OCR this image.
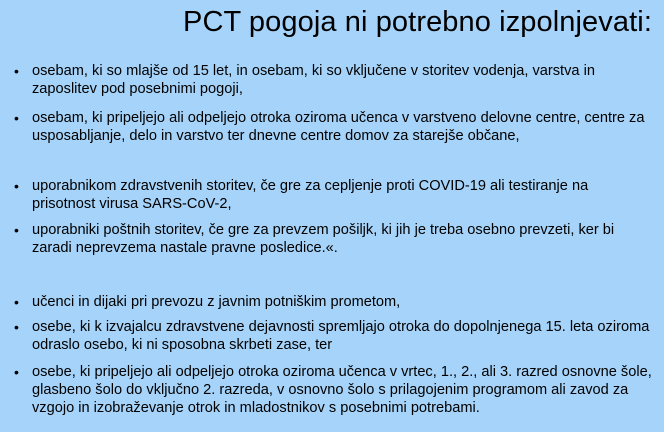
PCT pogoja ni potrebno izpolnjevati:
• osebam, ki so mlajše od 15 let, in osebam, ki so vključene v storitev vodenja, varstva in zaposlitev pod posebnimi pogoji,
• osebam, ki pripeljejo ali odpeljejo otroka oziroma učenca v varstveno delovne centre, centre za usposabljanje, delo in varstvo ter dnevne centre domov za starejše občane,
• uporabnikom zdravstvenih storitev, če gre za cepljenje proti COVID-19 ali testiranje na prisotnost virusa SARS-CoV-2,
• uporabniki poštnih storitev, če gre za prevzem pošiljk, ki jih je treba osebno prevzeti, ker bi zaradi neprevzema nastale pravne posledice.«.
• učenci in dijaki pri prevozu z javnim potniškim prometom,
• osebe, ki k izvajalcu zdravstvene dejavnosti spremljajo otroka do dopolnjenega 15. leta oziroma odraslo osebo, ki ni sposobna skrbeti zase, ter
• osebe, ki pripeljejo ali odpeljejo otroka oziroma učenca v vrtec, 1., 2., ali 3. razred osnovne šole, glasbeno šolo do vključno 2. razreda, v osnovno šolo s prilagojenim programom ali zavod za vzgojo in izobraževanje otrok in mladostnikov s posebnimi potrebami.
